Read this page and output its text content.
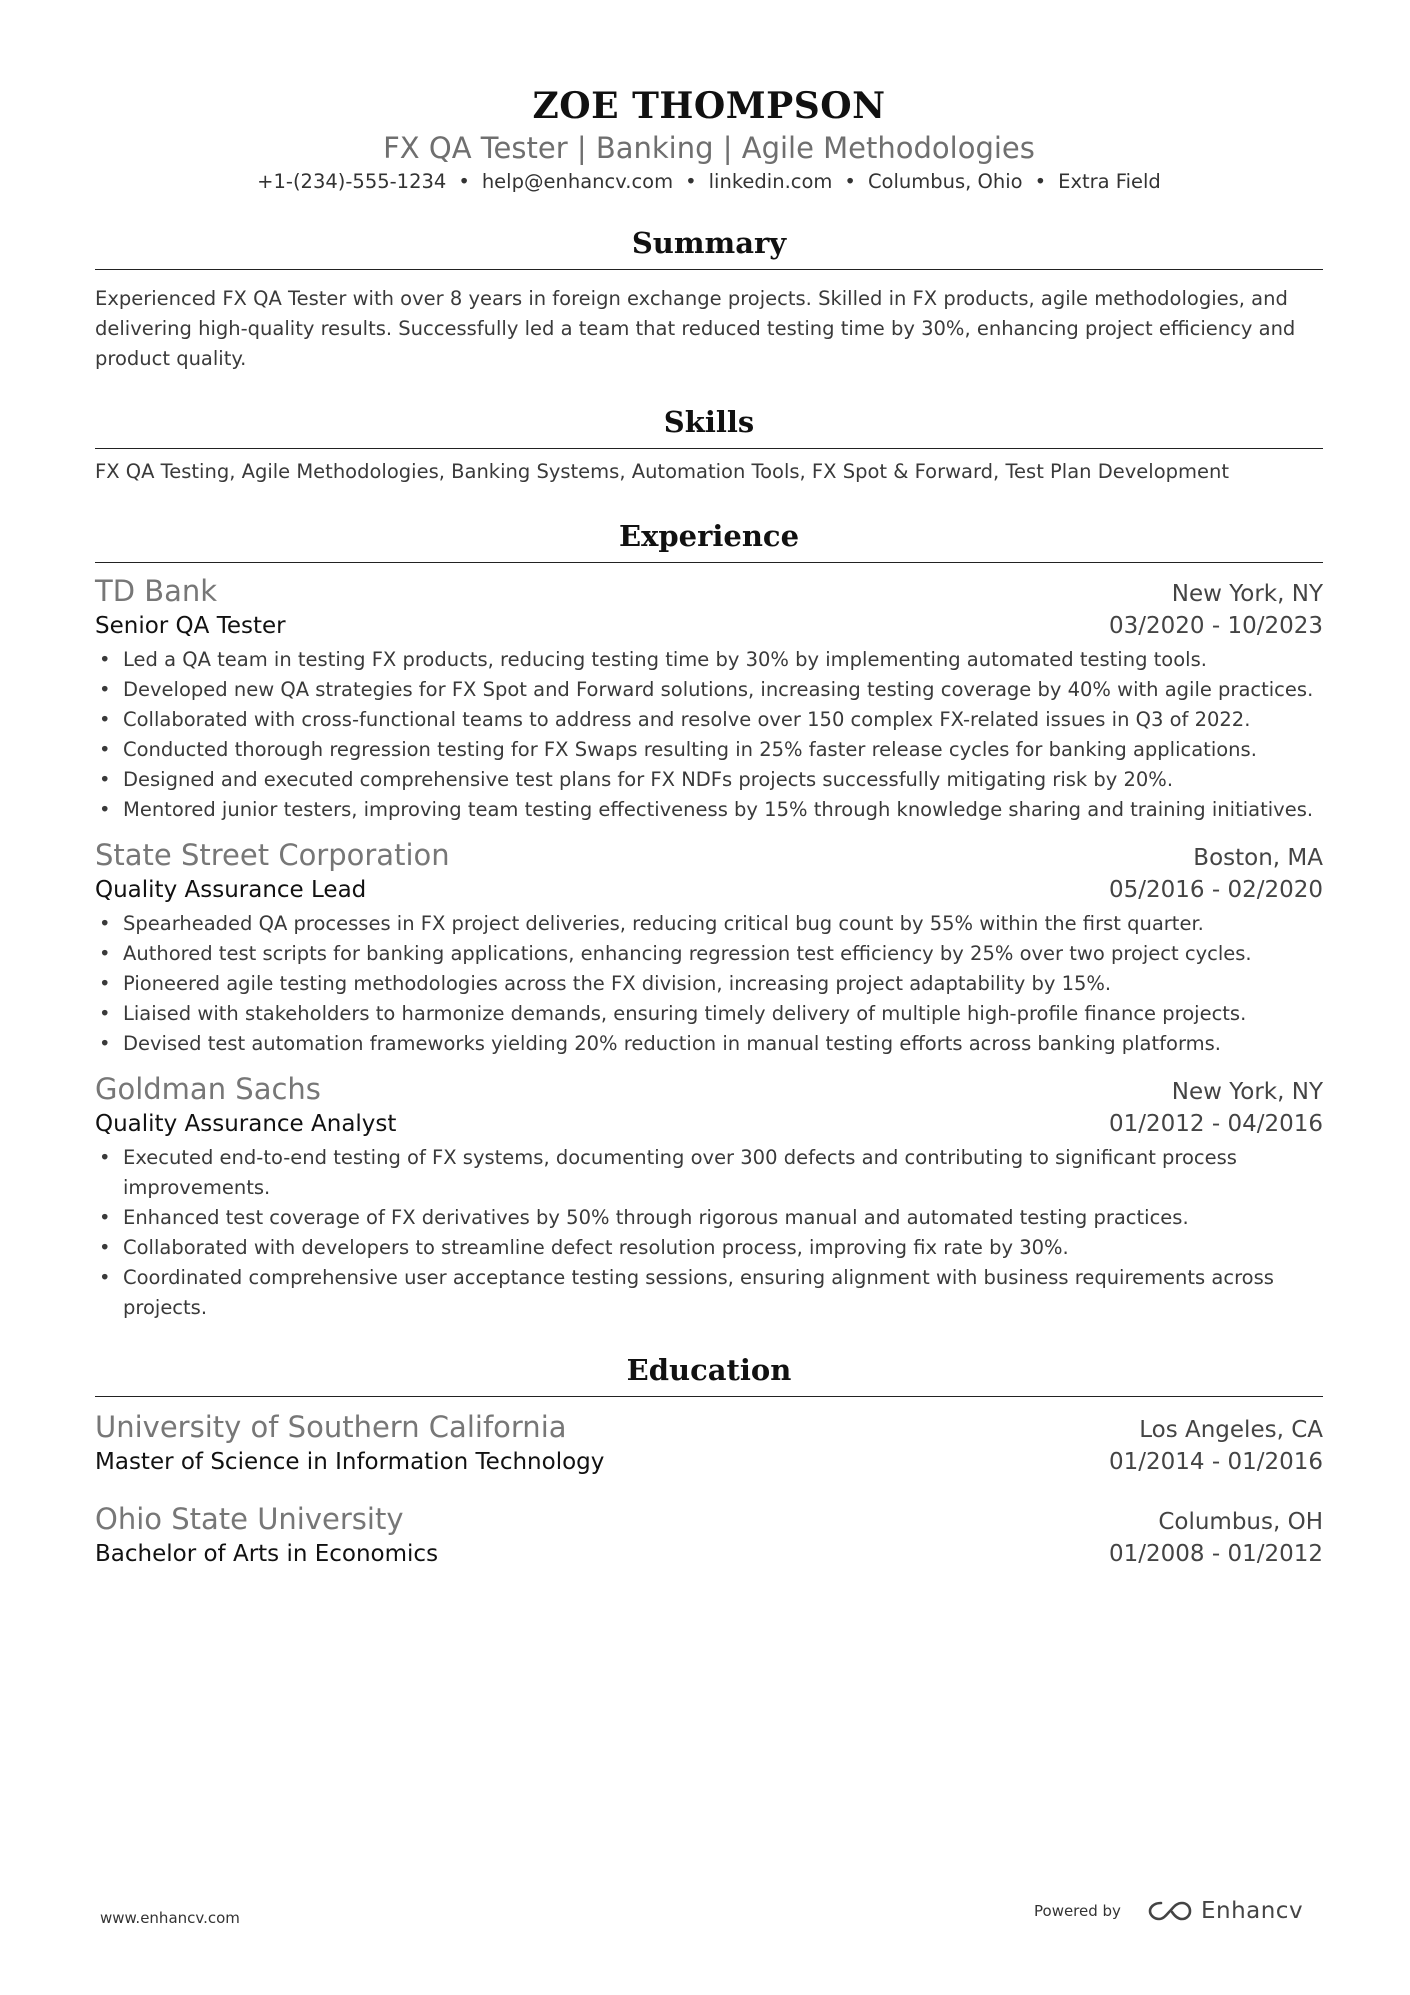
ZOE THOMPSON
FX QA Tester | Banking | Agile Methodologies
+1-(234)-555-1234 • help@enhancv.com • linkedin.com • Columbus, Ohio • Extra Field
Summary
Experienced FX QA Tester with over 8 years in foreign exchange projects. Skilled in FX products, agile methodologies, and delivering high-quality results. Successfully led a team that reduced testing time by 30%, enhancing project efficiency and product quality.
Skills
FX QA Testing, Agile Methodologies, Banking Systems, Automation Tools, FX Spot & Forward, Test Plan Development
Experience
TD Bank	New York, NY
Senior QA Tester	03/2020 - 10/2023
• Led a QA team in testing FX products, reducing testing time by 30% by implementing automated testing tools.
• Developed new QA strategies for FX Spot and Forward solutions, increasing testing coverage by 40% with agile practices.
• Collaborated with cross-functional teams to address and resolve over 150 complex FX-related issues in Q3 of 2022.
• Conducted thorough regression testing for FX Swaps resulting in 25% faster release cycles for banking applications.
• Designed and executed comprehensive test plans for FX NDFs projects successfully mitigating risk by 20%.
• Mentored junior testers, improving team testing effectiveness by 15% through knowledge sharing and training initiatives.
State Street Corporation	Boston, MA
Quality Assurance Lead	05/2016 - 02/2020
• Spearheaded QA processes in FX project deliveries, reducing critical bug count by 55% within the first quarter.
• Authored test scripts for banking applications, enhancing regression test efficiency by 25% over two project cycles.
• Pioneered agile testing methodologies across the FX division, increasing project adaptability by 15%.
• Liaised with stakeholders to harmonize demands, ensuring timely delivery of multiple high-profile finance projects.
• Devised test automation frameworks yielding 20% reduction in manual testing efforts across banking platforms.
Goldman Sachs	New York, NY
Quality Assurance Analyst	01/2012 - 04/2016
• Executed end-to-end testing of FX systems, documenting over 300 defects and contributing to significant process improvements.
• Enhanced test coverage of FX derivatives by 50% through rigorous manual and automated testing practices.
• Collaborated with developers to streamline defect resolution process, improving fix rate by 30%.
• Coordinated comprehensive user acceptance testing sessions, ensuring alignment with business requirements across projects.
Education
University of Southern California	Los Angeles, CA
Master of Science in Information Technology	01/2014 - 01/2016
Ohio State University	Columbus, OH
Bachelor of Arts in Economics	01/2008 - 01/2012
www.enhancv.com	Powered by	Enhancv
